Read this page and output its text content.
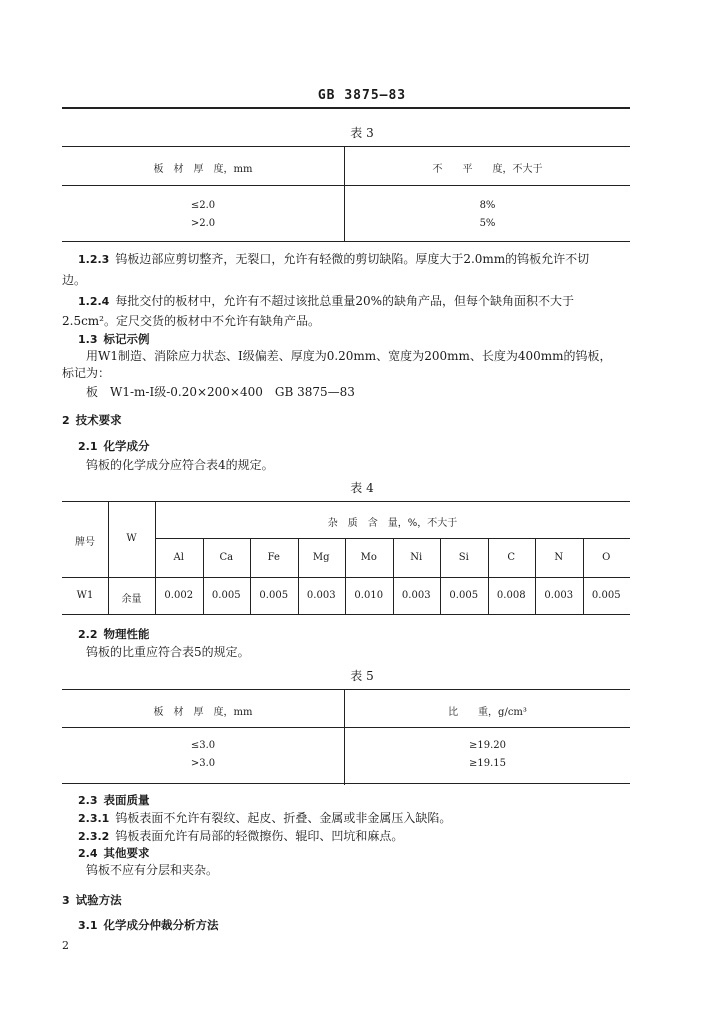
GB 3875—83
表 3
板　材　厚　度，mm	不　　平　　度，不大于
≤2.0	8%
>2.0	5%
1.2.3 钨板边部应剪切整齐，无裂口，允许有轻微的剪切缺陷。厚度大于2.0mm的钨板允许不切
边。
1.2.4 每批交付的板材中，允许有不超过该批总重量20%的缺角产品，但每个缺角面积不大于
2.5cm²。定尺交货的板材中不允许有缺角产品。
1.3 标记示例
用W1制造、消除应力状态、I级偏差、厚度为0.20mm、宽度为200mm、长度为400mm的钨板，
标记为：
板　W1-m-I级-0.20×200×400　GB 3875—83
2 技术要求
2.1 化学成分
钨板的化学成分应符合表4的规定。
表 4
牌号	W
杂　质　含　量，%，不大于
Al	Ca	Fe	Mg	Mo	Ni	Si	C	N	O
W1	余量	0.002	0.005	0.005	0.003	0.010	0.003	0.005	0.008	0.003	0.005
2.2 物理性能
钨板的比重应符合表5的规定。
表 5
板　材　厚　度，mm	比　　重，g/cm³
≤3.0	≥19.20
>3.0	≥19.15
2.3 表面质量
2.3.1 钨板表面不允许有裂纹、起皮、折叠、金属或非金属压入缺陷。
2.3.2 钨板表面允许有局部的轻微擦伤、辊印、凹坑和麻点。
2.4 其他要求
钨板不应有分层和夹杂。
3 试验方法
3.1 化学成分仲裁分析方法
2
